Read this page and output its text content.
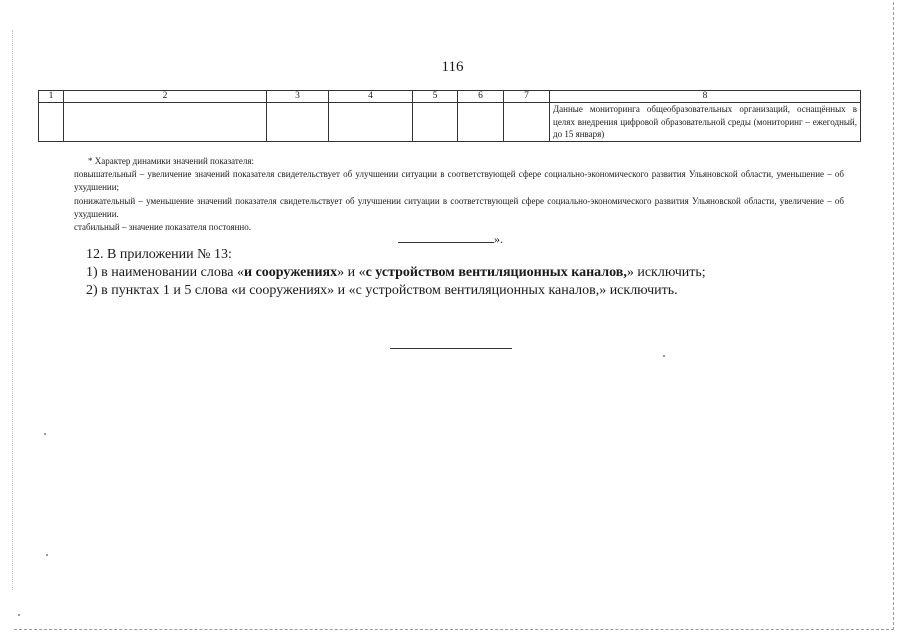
116
1	2	3	4	5	6	7	8
							Данные мониторинга общеобразовательных организаций, оснащённых в целях внедрения цифровой образовательной среды (мониторинг – ежегодный, до 15 января)

* Характер динамики значений показателя:

повышательный – увеличение значений показателя свидетельствует об улучшении ситуации в соответствующей сфере социально-экономического развития Ульяновской области, уменьшение – об ухудшении;

понижательный – уменьшение значений показателя свидетельствует об улучшении ситуации в соответствующей сфере социально-экономического развития Ульяновской области, увеличение – об ухудшении.

стабильный – значение показателя постоянно.

».

12. В приложении № 13:

1) в наименовании слова «и сооружениях» и «с устройством вентиляционных каналов,» исключить;

2) в пунктах 1 и 5 слова «и сооружениях» и «с устройством вентиляционных каналов,» исключить.
